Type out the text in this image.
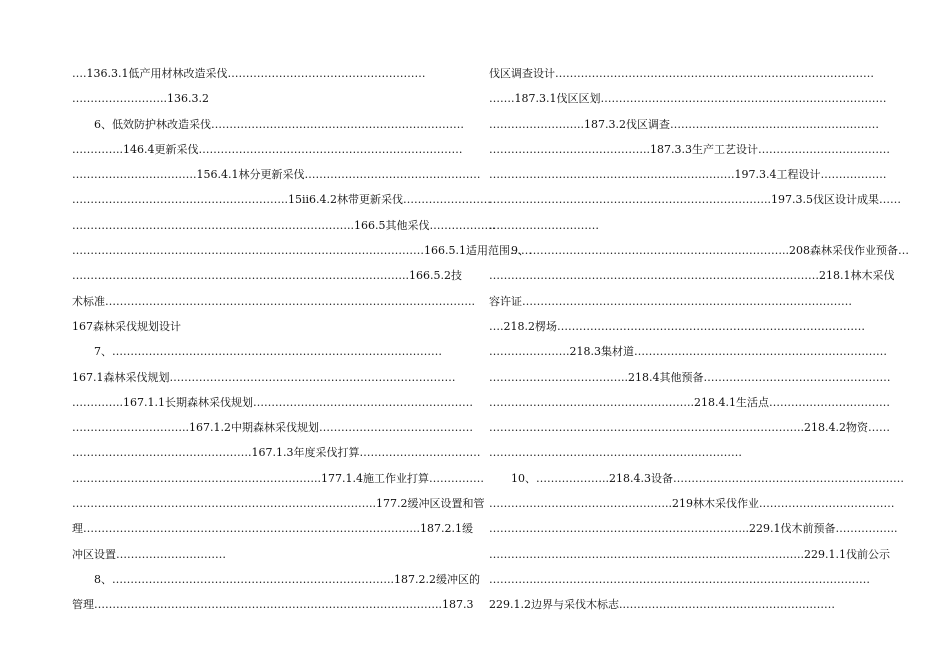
….136.3.1低产用材林改造采伐………………………………………………
……………………..136.3.2
6、低效防护林改造采伐……………………………………………………………
…………..146.4更新采伐………………………………………………………………
…………………………….156.4.1林分更新采伐…………………………………………
…………………………………………………..15ii6.4.2林带更新采伐……………………
…………………………………………………………………..166.5其他采伐………………
……………………………………………………………………………………166.5.1适用范围……
………………………………………………………………………………..166.5.2技
术标准………………………………………………………………………………………..
167森林采伐规划设计
7、………………………………………………………………………………
167.1森林采伐规划……………………………………………………………………
…………..167.1.1长期森林采伐规划……………………………………………………
…………………………..167.1.2中期森林采伐规划……………………………………
………………………………………….167.1.3年度采伐打算……………………………
…………………………………………………………..177.1.4施工作业打算……………
………………………………………………………………………..177.2缓冲区设置和管
理………………………………………………………………………………..187.2.1缓
冲区设置…………………………
8、…………………………………………………………………..187.2.2缓冲区的
管理…………………………………………………………………………………..187.3
伐区调查设计……………………………………………………………………………
…….187.3.1伐区区划……………………………………………………………………
……………………..187.3.2伐区调查…………………………………………………
……………………………………..187.3.3生产工艺设计………………………………
………………………………………………………….197.3.4工程设计………………
…………………………………………………………………..197.3.5伐区设计成果……
…………………………
9、……………………………………………………………..208森林采伐作业预备…
………………………………………………………………………………218.1林木采伐
容许证………………………………………………………………………………
….218.2楞场…………………………………………………………………………
………………….218.3集材道……………………………………………………………
………………………………..218.4其他预备……………………………………………
………………………………………………..218.4.1生活点……………………………
…………………………………………………………………………..218.4.2物资……
……………………………………………………………
10、………………..218.4.3设备………………………………………………………
…………………………………………..219林木采伐作业.………………………………
……………………………………………………………..229.1伐木前预备……………..
…………………………………………………………………………..229.1.1伐前公示
…………..………………………………………………………………………………
229.1.2边界与采伐木标志..…………………………………………………
